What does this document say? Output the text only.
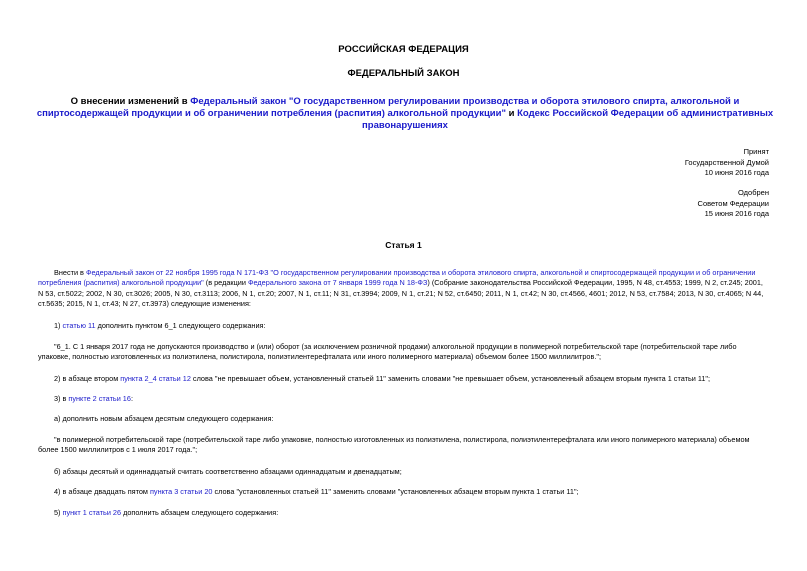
РОССИЙСКАЯ ФЕДЕРАЦИЯ
ФЕДЕРАЛЬНЫЙ ЗАКОН
О внесении изменений в Федеральный закон "О государственном регулировании производства и оборота этилового спирта, алкогольной и спиртосодержащей продукции и об ограничении потребления (распития) алкогольной продукции" и Кодекс Российской Федерации об административных правонарушениях
Принят
Государственной Думой
10 июня 2016 года
Одобрен
Советом Федерации
15 июня 2016 года
Статья 1
Внести в Федеральный закон от 22 ноября 1995 года N 171-ФЗ "О государственном регулировании производства и оборота этилового спирта, алкогольной и спиртосодержащей продукции и об ограничении потребления (распития) алкогольной продукции" (в редакции Федерального закона от 7 января 1999 года N 18-ФЗ) (Собрание законодательства Российской Федерации, 1995, N 48, ст.4553; 1999, N 2, ст.245; 2001, N 53, ст.5022; 2002, N 30, ст.3026; 2005, N 30, ст.3113; 2006, N 1, ст.20; 2007, N 1, ст.11; N 31, ст.3994; 2009, N 1, ст.21; N 52, ст.6450; 2011, N 1, ст.42; N 30, ст.4566, 4601; 2012, N 53, ст.7584; 2013, N 30, ст.4065; N 44, ст.5635; 2015, N 1, ст.43; N 27, ст.3973) следующие изменения:
1) статью 11 дополнить пунктом 6_1 следующего содержания:
"6_1. С 1 января 2017 года не допускаются производство и (или) оборот (за исключением розничной продажи) алкогольной продукции в полимерной потребительской таре (потребительской таре либо упаковке, полностью изготовленных из полиэтилена, полистирола, полиэтилентерефталата или иного полимерного материала) объемом более 1500 миллилитров.";
2) в абзаце втором пункта 2_4 статьи 12 слова "не превышает объем, установленный статьей 11" заменить словами "не превышает объем, установленный абзацем вторым пункта 1 статьи 11";
3) в пункте 2 статьи 16:
а) дополнить новым абзацем десятым следующего содержания:
"в полимерной потребительской таре (потребительской таре либо упаковке, полностью изготовленных из полиэтилена, полистирола, полиэтилентерефталата или иного полимерного материала) объемом более 1500 миллилитров с 1 июля 2017 года.";
б) абзацы десятый и одиннадцатый считать соответственно абзацами одиннадцатым и двенадцатым;
4) в абзаце двадцать пятом пункта 3 статьи 20 слова "установленных статьей 11" заменить словами "установленных абзацем вторым пункта 1 статьи 11";
5) пункт 1 статьи 26 дополнить абзацем следующего содержания:
